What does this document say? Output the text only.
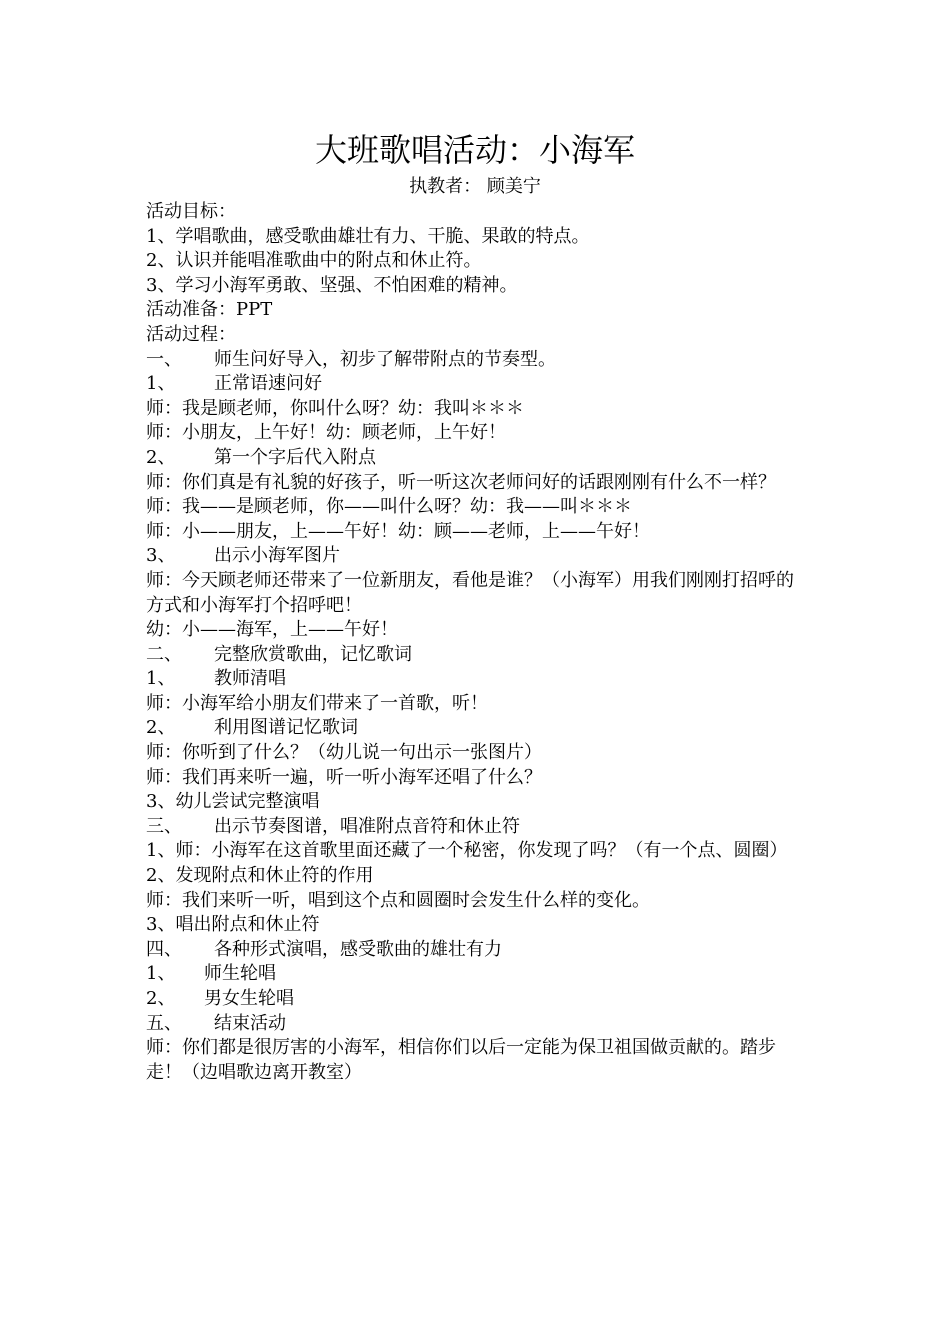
大班歌唱活动：小海军
执教者： 顾美宁

活动目标：

1、学唱歌曲，感受歌曲雄壮有力、干脆、果敢的特点。

2、认识并能唱准歌曲中的附点和休止符。

3、学习小海军勇敢、坚强、不怕困难的精神。

活动准备：PPT

活动过程：

一、 师生问好导入，初步了解带附点的节奏型。

1、 正常语速问好

师：我是顾老师，你叫什么呀？幼：我叫＊＊＊

师：小朋友，上午好！幼：顾老师，上午好！

2、 第一个字后代入附点

师：你们真是有礼貌的好孩子，听一听这次老师问好的话跟刚刚有什么不一样？

师：我——是顾老师，你——叫什么呀？幼：我——叫＊＊＊

师：小——朋友，上——午好！幼：顾——老师，上——午好！

3、 出示小海军图片

师：今天顾老师还带来了一位新朋友，看他是谁？（小海军）用我们刚刚打招呼的方式和小海军打个招呼吧！

幼：小——海军，上——午好！

二、 完整欣赏歌曲，记忆歌词

1、 教师清唱

师：小海军给小朋友们带来了一首歌，听！

2、 利用图谱记忆歌词

师：你听到了什么？（幼儿说一句出示一张图片）

师：我们再来听一遍，听一听小海军还唱了什么？

3、幼儿尝试完整演唱

三、 出示节奏图谱，唱准附点音符和休止符

1、师：小海军在这首歌里面还藏了一个秘密，你发现了吗？（有一个点、圆圈）

2、发现附点和休止符的作用

师：我们来听一听，唱到这个点和圆圈时会发生什么样的变化。

3、唱出附点和休止符

四、 各种形式演唱，感受歌曲的雄壮有力

1、 师生轮唱

2、 男女生轮唱

五、 结束活动

师：你们都是很厉害的小海军，相信你们以后一定能为保卫祖国做贡献的。踏步走！（边唱歌边离开教室）
